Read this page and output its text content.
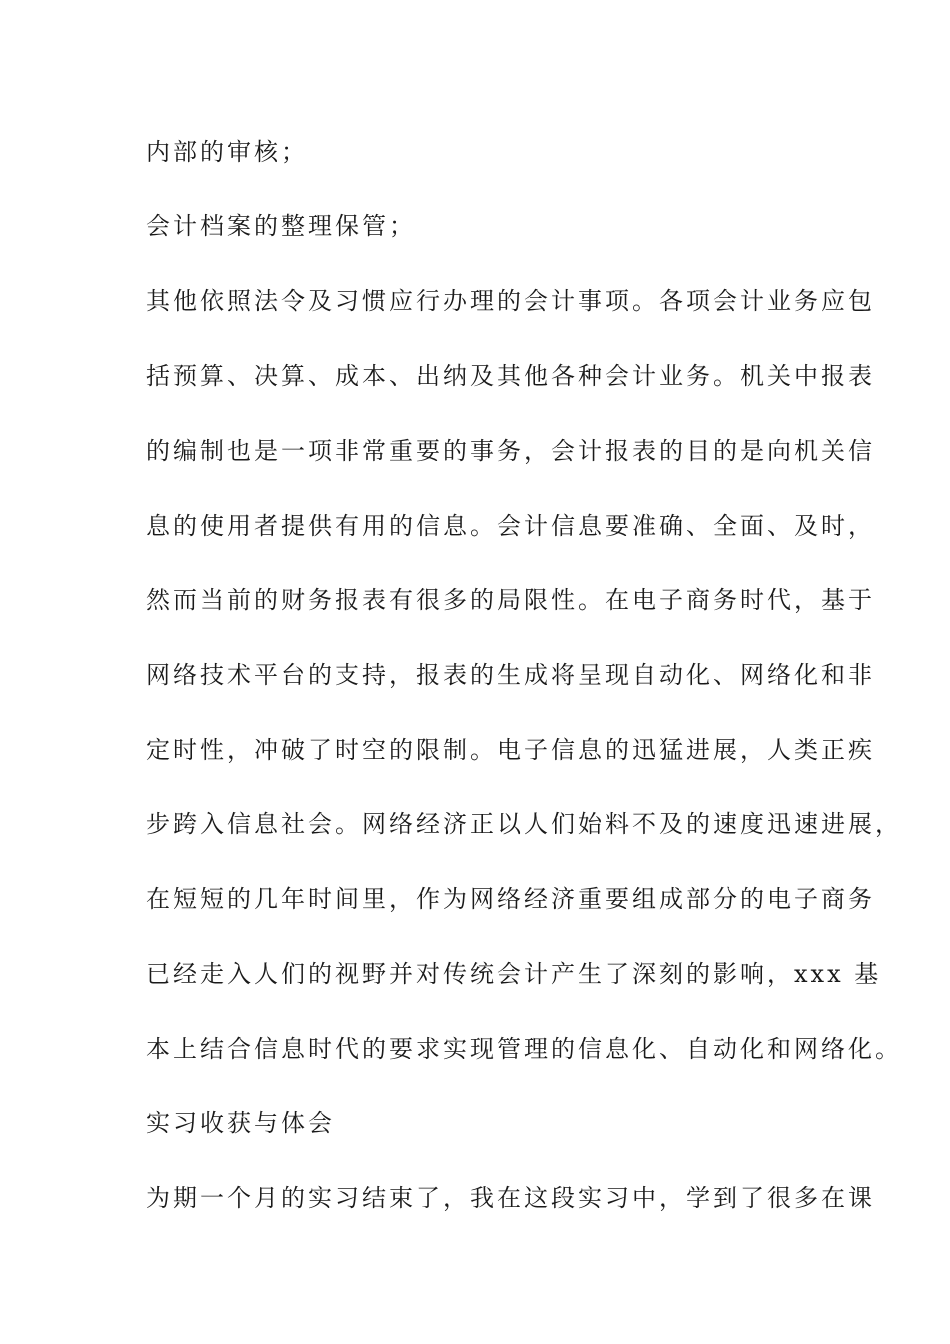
内部的审核；
会计档案的整理保管；
其他依照法令及习惯应行办理的会计事项。各项会计业务应包
括预算、决算、成本、出纳及其他各种会计业务。机关中报表
的编制也是一项非常重要的事务，会计报表的目的是向机关信
息的使用者提供有用的信息。会计信息要准确、全面、及时，
然而当前的财务报表有很多的局限性。在电子商务时代，基于
网络技术平台的支持，报表的生成将呈现自动化、网络化和非
定时性，冲破了时空的限制。电子信息的迅猛进展，人类正疾
步跨入信息社会。网络经济正以人们始料不及的速度迅速进展，
在短短的几年时间里，作为网络经济重要组成部分的电子商务
已经走入人们的视野并对传统会计产生了深刻的影响，xxx 基
本上结合信息时代的要求实现管理的信息化、自动化和网络化。
实习收获与体会
为期一个月的实习结束了，我在这段实习中，学到了很多在课
